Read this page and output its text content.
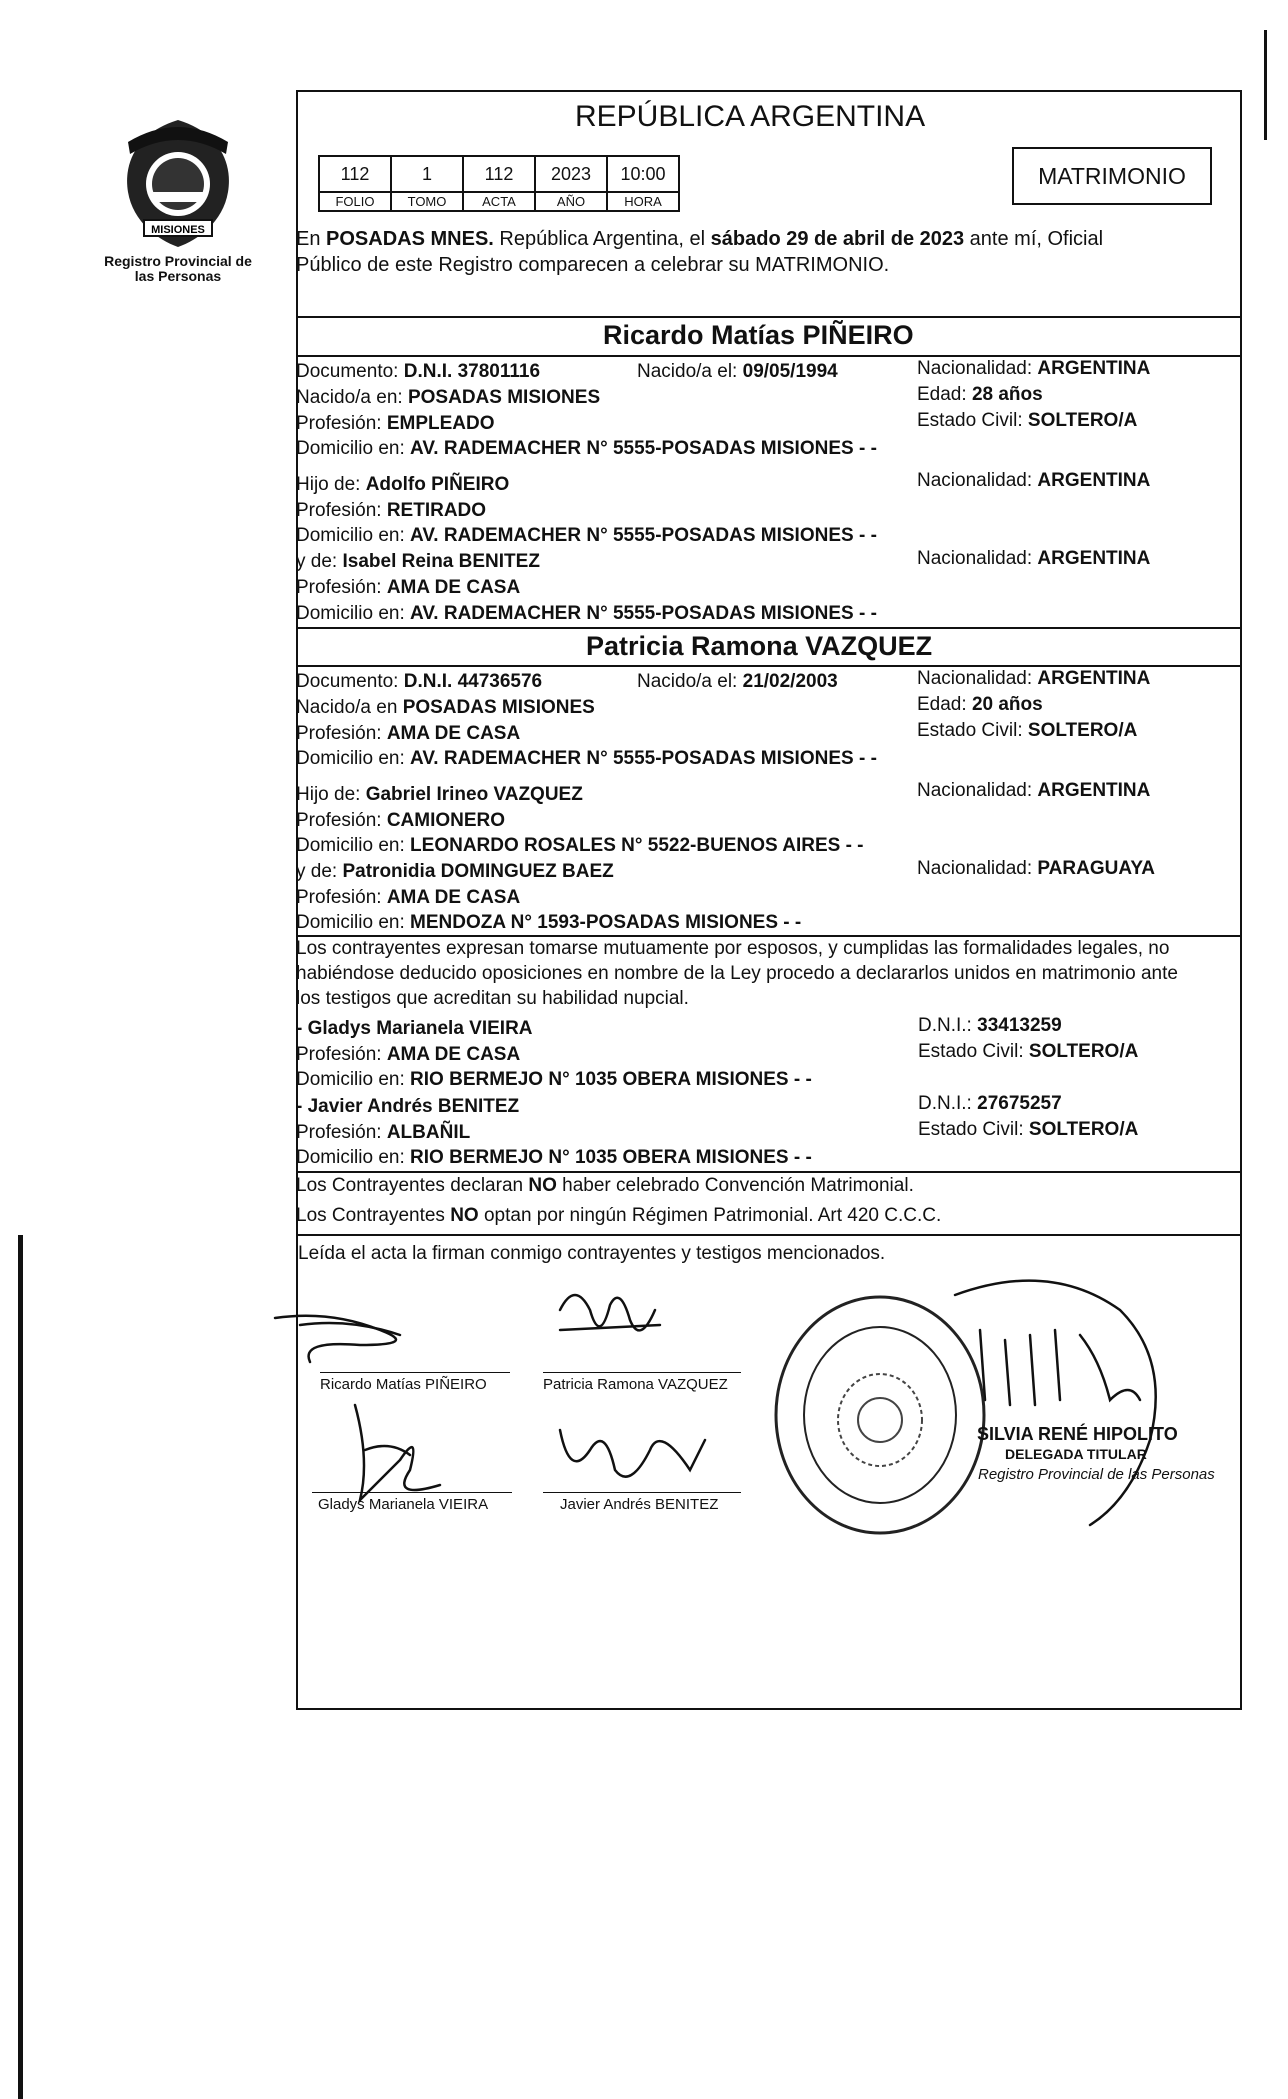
MISIONES
Registro Provincial de las Personas
REPÚBLICA ARGENTINA
112	1	112	2023	10:00
FOLIO	TOMO	ACTA	AÑO	HORA
MATRIMONIO
En POSADAS MNES. República Argentina, el sábado 29 de abril de 2023 ante mí, Oficial
Público de este Registro comparecen a celebrar su MATRIMONIO.
Ricardo Matías PIÑEIRO
Documento: D.N.I. 37801116	Nacido/a el: 09/05/1994	Nacionalidad: ARGENTINA
Nacido/a en: POSADAS MISIONES	Edad: 28 años
Profesión: EMPLEADO	Estado Civil: SOLTERO/A
Domicilio en: AV. RADEMACHER N° 5555-POSADAS MISIONES - -
Hijo de: Adolfo PIÑEIRO	Nacionalidad: ARGENTINA
Profesión: RETIRADO
Domicilio en: AV. RADEMACHER N° 5555-POSADAS MISIONES - -
y de: Isabel Reina BENITEZ	Nacionalidad: ARGENTINA
Profesión: AMA DE CASA
Domicilio en: AV. RADEMACHER N° 5555-POSADAS MISIONES - -
Patricia Ramona VAZQUEZ
Documento: D.N.I. 44736576	Nacido/a el: 21/02/2003	Nacionalidad: ARGENTINA
Nacido/a en POSADAS MISIONES	Edad: 20 años
Profesión: AMA DE CASA	Estado Civil: SOLTERO/A
Domicilio en: AV. RADEMACHER N° 5555-POSADAS MISIONES - -
Hijo de: Gabriel Irineo VAZQUEZ	Nacionalidad: ARGENTINA
Profesión: CAMIONERO
Domicilio en: LEONARDO ROSALES N° 5522-BUENOS AIRES - -
y de: Patronidia DOMINGUEZ BAEZ	Nacionalidad: PARAGUAYA
Profesión: AMA DE CASA
Domicilio en: MENDOZA N° 1593-POSADAS MISIONES - -
Los contrayentes expresan tomarse mutuamente por esposos, y cumplidas las formalidades legales, no
habiéndose deducido oposiciones en nombre de la Ley procedo a declararlos unidos en matrimonio ante
los testigos que acreditan su habilidad nupcial.
- Gladys Marianela VIEIRA	D.N.I.: 33413259
Profesión: AMA DE CASA	Estado Civil: SOLTERO/A
Domicilio en: RIO BERMEJO N° 1035 OBERA MISIONES - -
- Javier Andrés BENITEZ	D.N.I.: 27675257
Profesión: ALBAÑIL	Estado Civil: SOLTERO/A
Domicilio en: RIO BERMEJO N° 1035 OBERA MISIONES - -
Los Contrayentes declaran NO haber celebrado Convención Matrimonial.
Los Contrayentes NO optan por ningún Régimen Patrimonial. Art 420 C.C.C.
Leída el acta la firman conmigo contrayentes y testigos mencionados.
Ricardo Matías PIÑEIRO	Patricia Ramona VAZQUEZ
Gladys Marianela VIEIRA	Javier Andrés BENITEZ
SILVIA RENÉ HIPOLITO
DELEGADA TITULAR
Registro Provincial de las Personas
